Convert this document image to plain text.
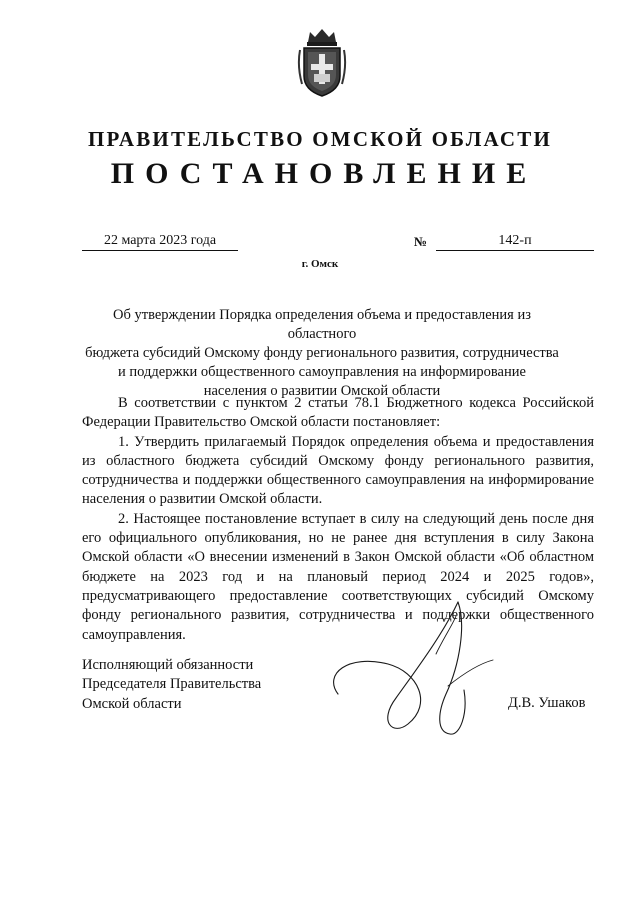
ПРАВИТЕЛЬСТВО ОМСКОЙ ОБЛАСТИ
ПОСТАНОВЛЕНИЕ
22 марта 2023 года	№	142-п
г. Омск
Об утверждении Порядка определения объема и предоставления из областного
бюджета субсидий Омскому фонду регионального развития, сотрудничества
и поддержки общественного самоуправления на информирование
населения о развитии Омской области

В соответствии с пунктом 2 статьи 78.1 Бюджетного кодекса Российской Федерации Правительство Омской области постановляет:

1. Утвердить прилагаемый Порядок определения объема и предоставления из областного бюджета субсидий Омскому фонду регионального развития, сотрудничества и поддержки общественного самоуправления на информирование населения о развитии Омской области.

2. Настоящее постановление вступает в силу на следующий день после дня его официального опубликования, но не ранее дня вступления в силу Закона Омской области «О внесении изменений в Закон Омской области «Об областном бюджете на 2023 год и на плановый период 2024 и 2025 годов», предусматривающего предоставление соответствующих субсидий Омскому фонду регионального развития, сотрудничества и поддержки общественного самоуправления.

Исполняющий обязанности
Председателя Правительства
Омской области	Д.В. Ушаков
